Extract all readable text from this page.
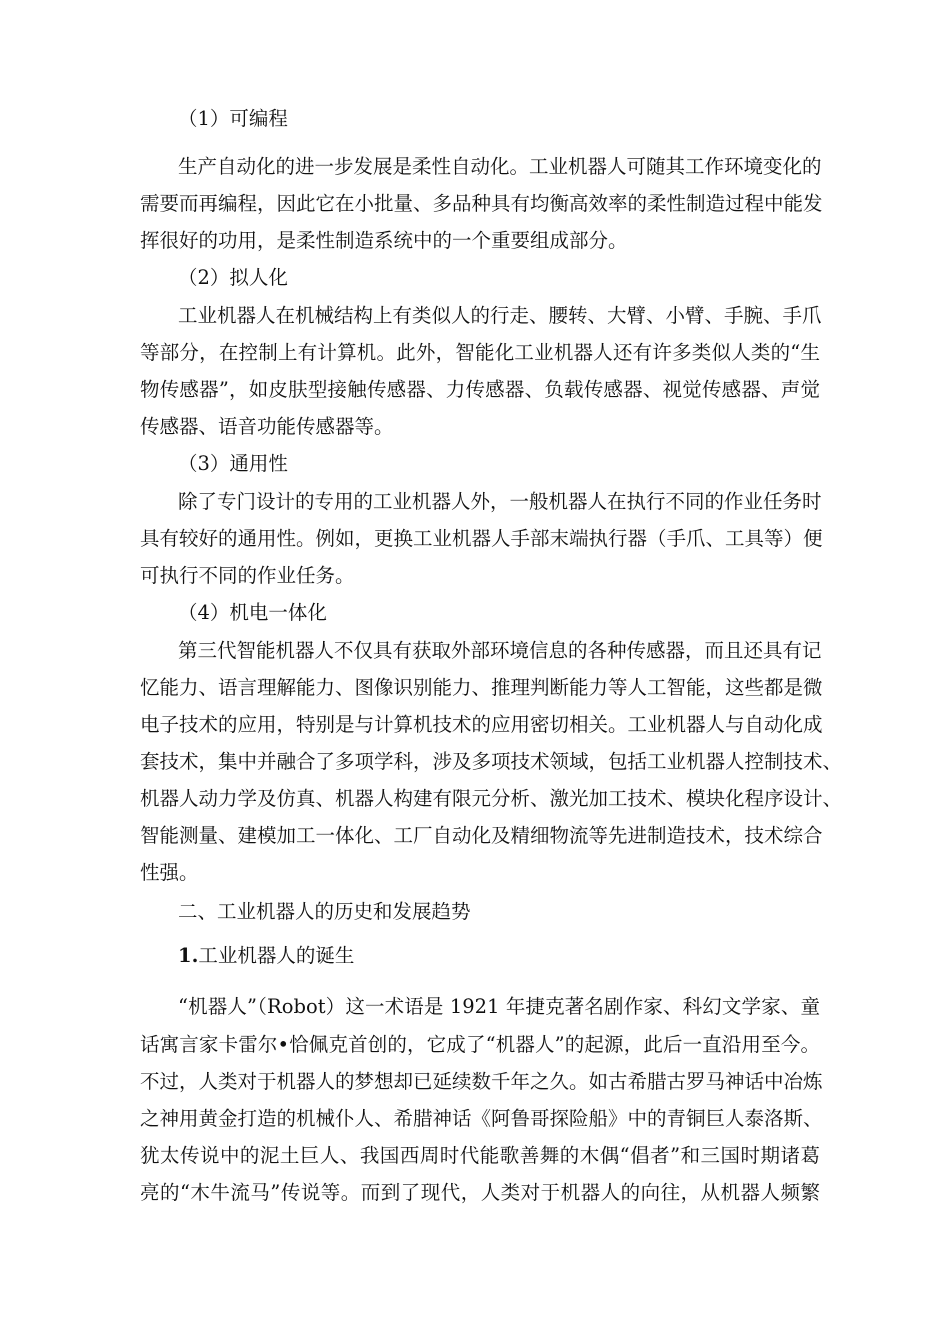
（1）可编程
生产自动化的进一步发展是柔性自动化。工业机器人可随其工作环境变化的
需要而再编程，因此它在小批量、多品种具有均衡高效率的柔性制造过程中能发
挥很好的功用，是柔性制造系统中的一个重要组成部分。
（2）拟人化
工业机器人在机械结构上有类似人的行走、腰转、大臂、小臂、手腕、手爪
等部分，在控制上有计算机。此外，智能化工业机器人还有许多类似人类的“生
物传感器”，如皮肤型接触传感器、力传感器、负载传感器、视觉传感器、声觉
传感器、语音功能传感器等。
（3）通用性
除了专门设计的专用的工业机器人外，一般机器人在执行不同的作业任务时
具有较好的通用性。例如，更换工业机器人手部末端执行器（手爪、工具等）便
可执行不同的作业任务。
（4）机电一体化
第三代智能机器人不仅具有获取外部环境信息的各种传感器，而且还具有记
忆能力、语言理解能力、图像识别能力、推理判断能力等人工智能，这些都是微
电子技术的应用，特别是与计算机技术的应用密切相关。工业机器人与自动化成
套技术，集中并融合了多项学科，涉及多项技术领域，包括工业机器人控制技术、
机器人动力学及仿真、机器人构建有限元分析、激光加工技术、模块化程序设计、
智能测量、建模加工一体化、工厂自动化及精细物流等先进制造技术，技术综合
性强。
二、工业机器人的历史和发展趋势
1.工业机器人的诞生
“机器人”（Robot）这一术语是 1921 年捷克著名剧作家、科幻文学家、童
话寓言家卡雷尔•恰佩克首创的，它成了“机器人”的起源，此后一直沿用至今。
不过，人类对于机器人的梦想却已延续数千年之久。如古希腊古罗马神话中冶炼
之神用黄金打造的机械仆人、希腊神话《阿鲁哥探险船》中的青铜巨人泰洛斯、
犹太传说中的泥土巨人、我国西周时代能歌善舞的木偶“倡者”和三国时期诸葛
亮的“木牛流马”传说等。而到了现代，人类对于机器人的向往，从机器人频繁
